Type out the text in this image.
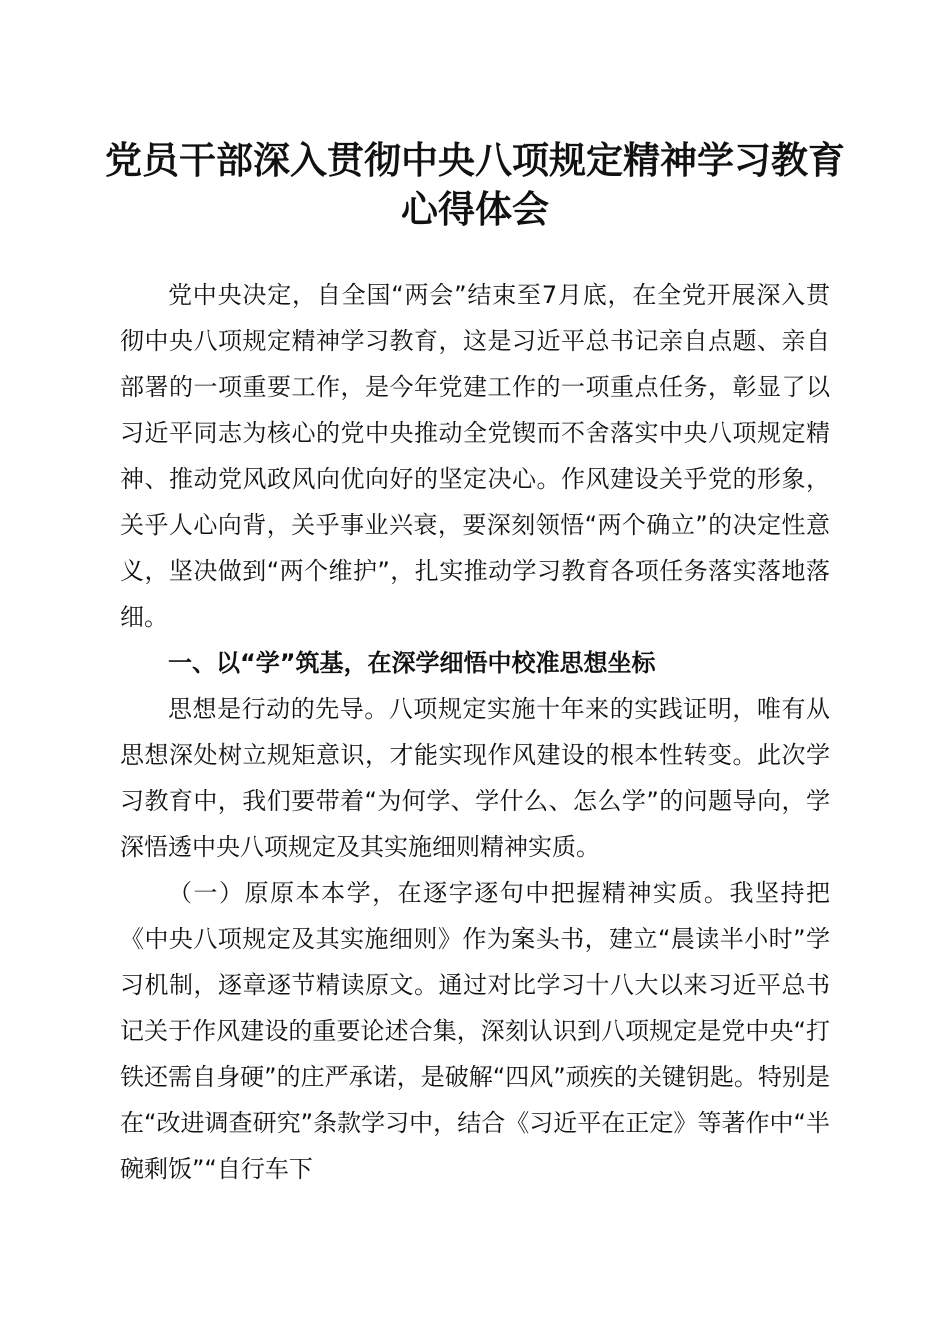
党员干部深入贯彻中央八项规定精神学习教育
心得体会

党中央决定，自全国“两会”结束至7月底，在全党开展深入贯彻中央八项规定精神学习教育，这是习近平总书记亲自点题、亲自部署的一项重要工作，是今年党建工作的一项重点任务，彰显了以习近平同志为核心的党中央推动全党锲而不舍落实中央八项规定精神、推动党风政风向优向好的坚定决心。作风建设关乎党的形象，关乎人心向背，关乎事业兴衰，要深刻领悟“两个确立”的决定性意义，坚决做到“两个维护”，扎实推动学习教育各项任务落实落地落细。

一、以“学”筑基，在深学细悟中校准思想坐标

思想是行动的先导。八项规定实施十年来的实践证明，唯有从思想深处树立规矩意识，才能实现作风建设的根本性转变。此次学习教育中，我们要带着“为何学、学什么、怎么学”的问题导向，学深悟透中央八项规定及其实施细则精神实质。

（一）原原本本学，在逐字逐句中把握精神实质。我坚持把《中央八项规定及其实施细则》作为案头书，建立“晨读半小时”学习机制，逐章逐节精读原文。通过对比学习十八大以来习近平总书记关于作风建设的重要论述合集，深刻认识到八项规定是党中央“打铁还需自身硬”的庄严承诺，是破解“四风”顽疾的关键钥匙。特别是在“改进调查研究”条款学习中，结合《习近平在正定》等著作中“半碗剩饭”“自行车下
